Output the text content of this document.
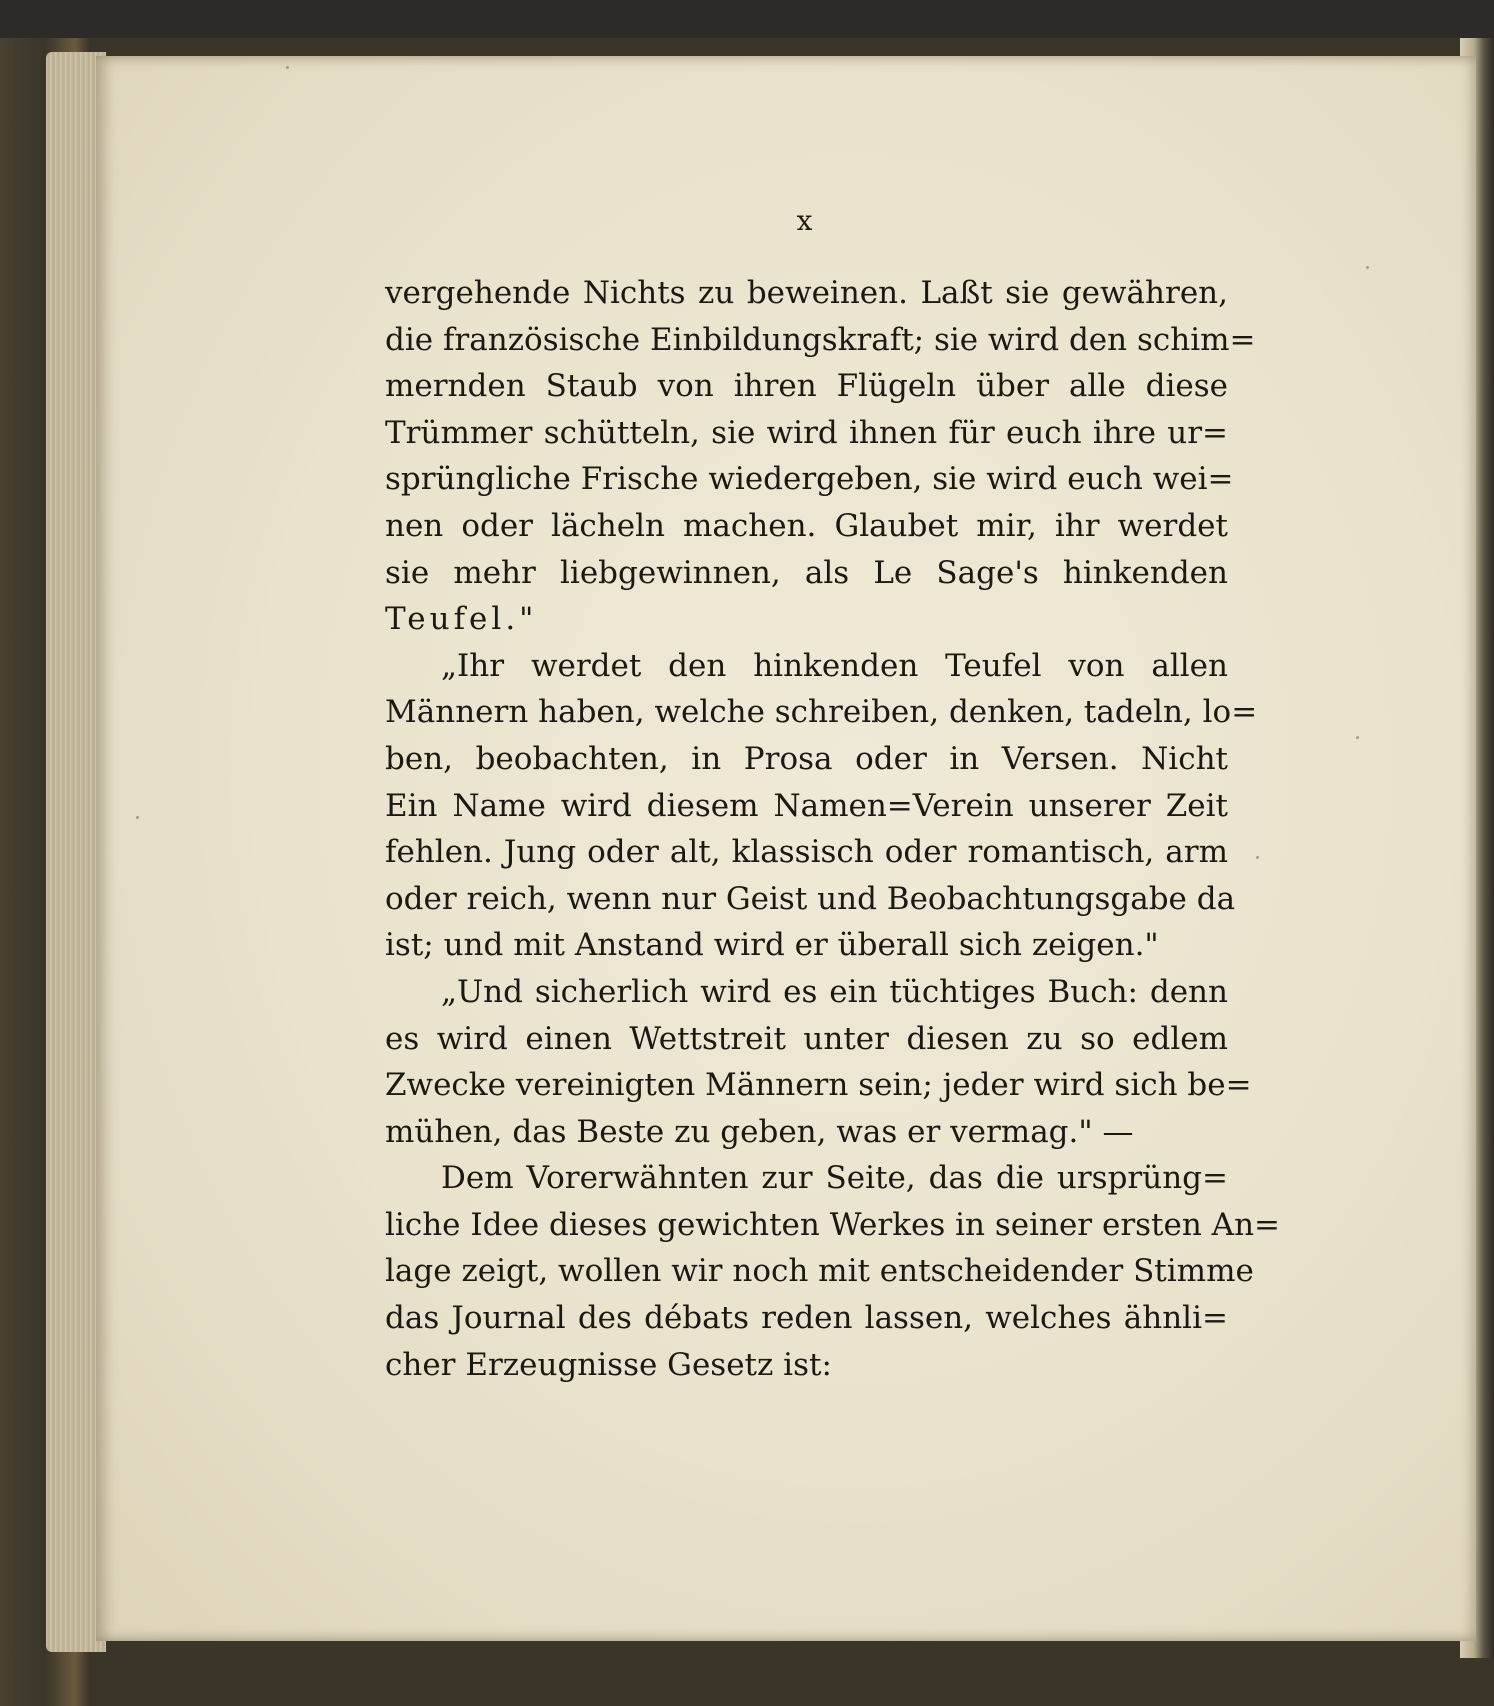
x
vergehende Nichts zu beweinen. Laßt sie gewähren,
die französische Einbildungskraft; sie wird den schim=
mernden Staub von ihren Flügeln über alle diese
Trümmer schütteln, sie wird ihnen für euch ihre ur=
sprüngliche Frische wiedergeben, sie wird euch wei=
nen oder lächeln machen. Glaubet mir, ihr werdet
sie mehr liebgewinnen, als Le Sage's hinkenden
Teufel."
„Ihr werdet den hinkenden Teufel von allen
Männern haben, welche schreiben, denken, tadeln, lo=
ben, beobachten, in Prosa oder in Versen. Nicht
Ein Name wird diesem Namen=Verein unserer Zeit
fehlen. Jung oder alt, klassisch oder romantisch, arm
oder reich, wenn nur Geist und Beobachtungsgabe da
ist; und mit Anstand wird er überall sich zeigen."
„Und sicherlich wird es ein tüchtiges Buch: denn
es wird einen Wettstreit unter diesen zu so edlem
Zwecke vereinigten Männern sein; jeder wird sich be=
mühen, das Beste zu geben, was er vermag." —
Dem Vorerwähnten zur Seite, das die ursprüng=
liche Idee dieses gewichten Werkes in seiner ersten An=
lage zeigt, wollen wir noch mit entscheidender Stimme
das Journal des débats reden lassen, welches ähnli=
cher Erzeugnisse Gesetz ist:
